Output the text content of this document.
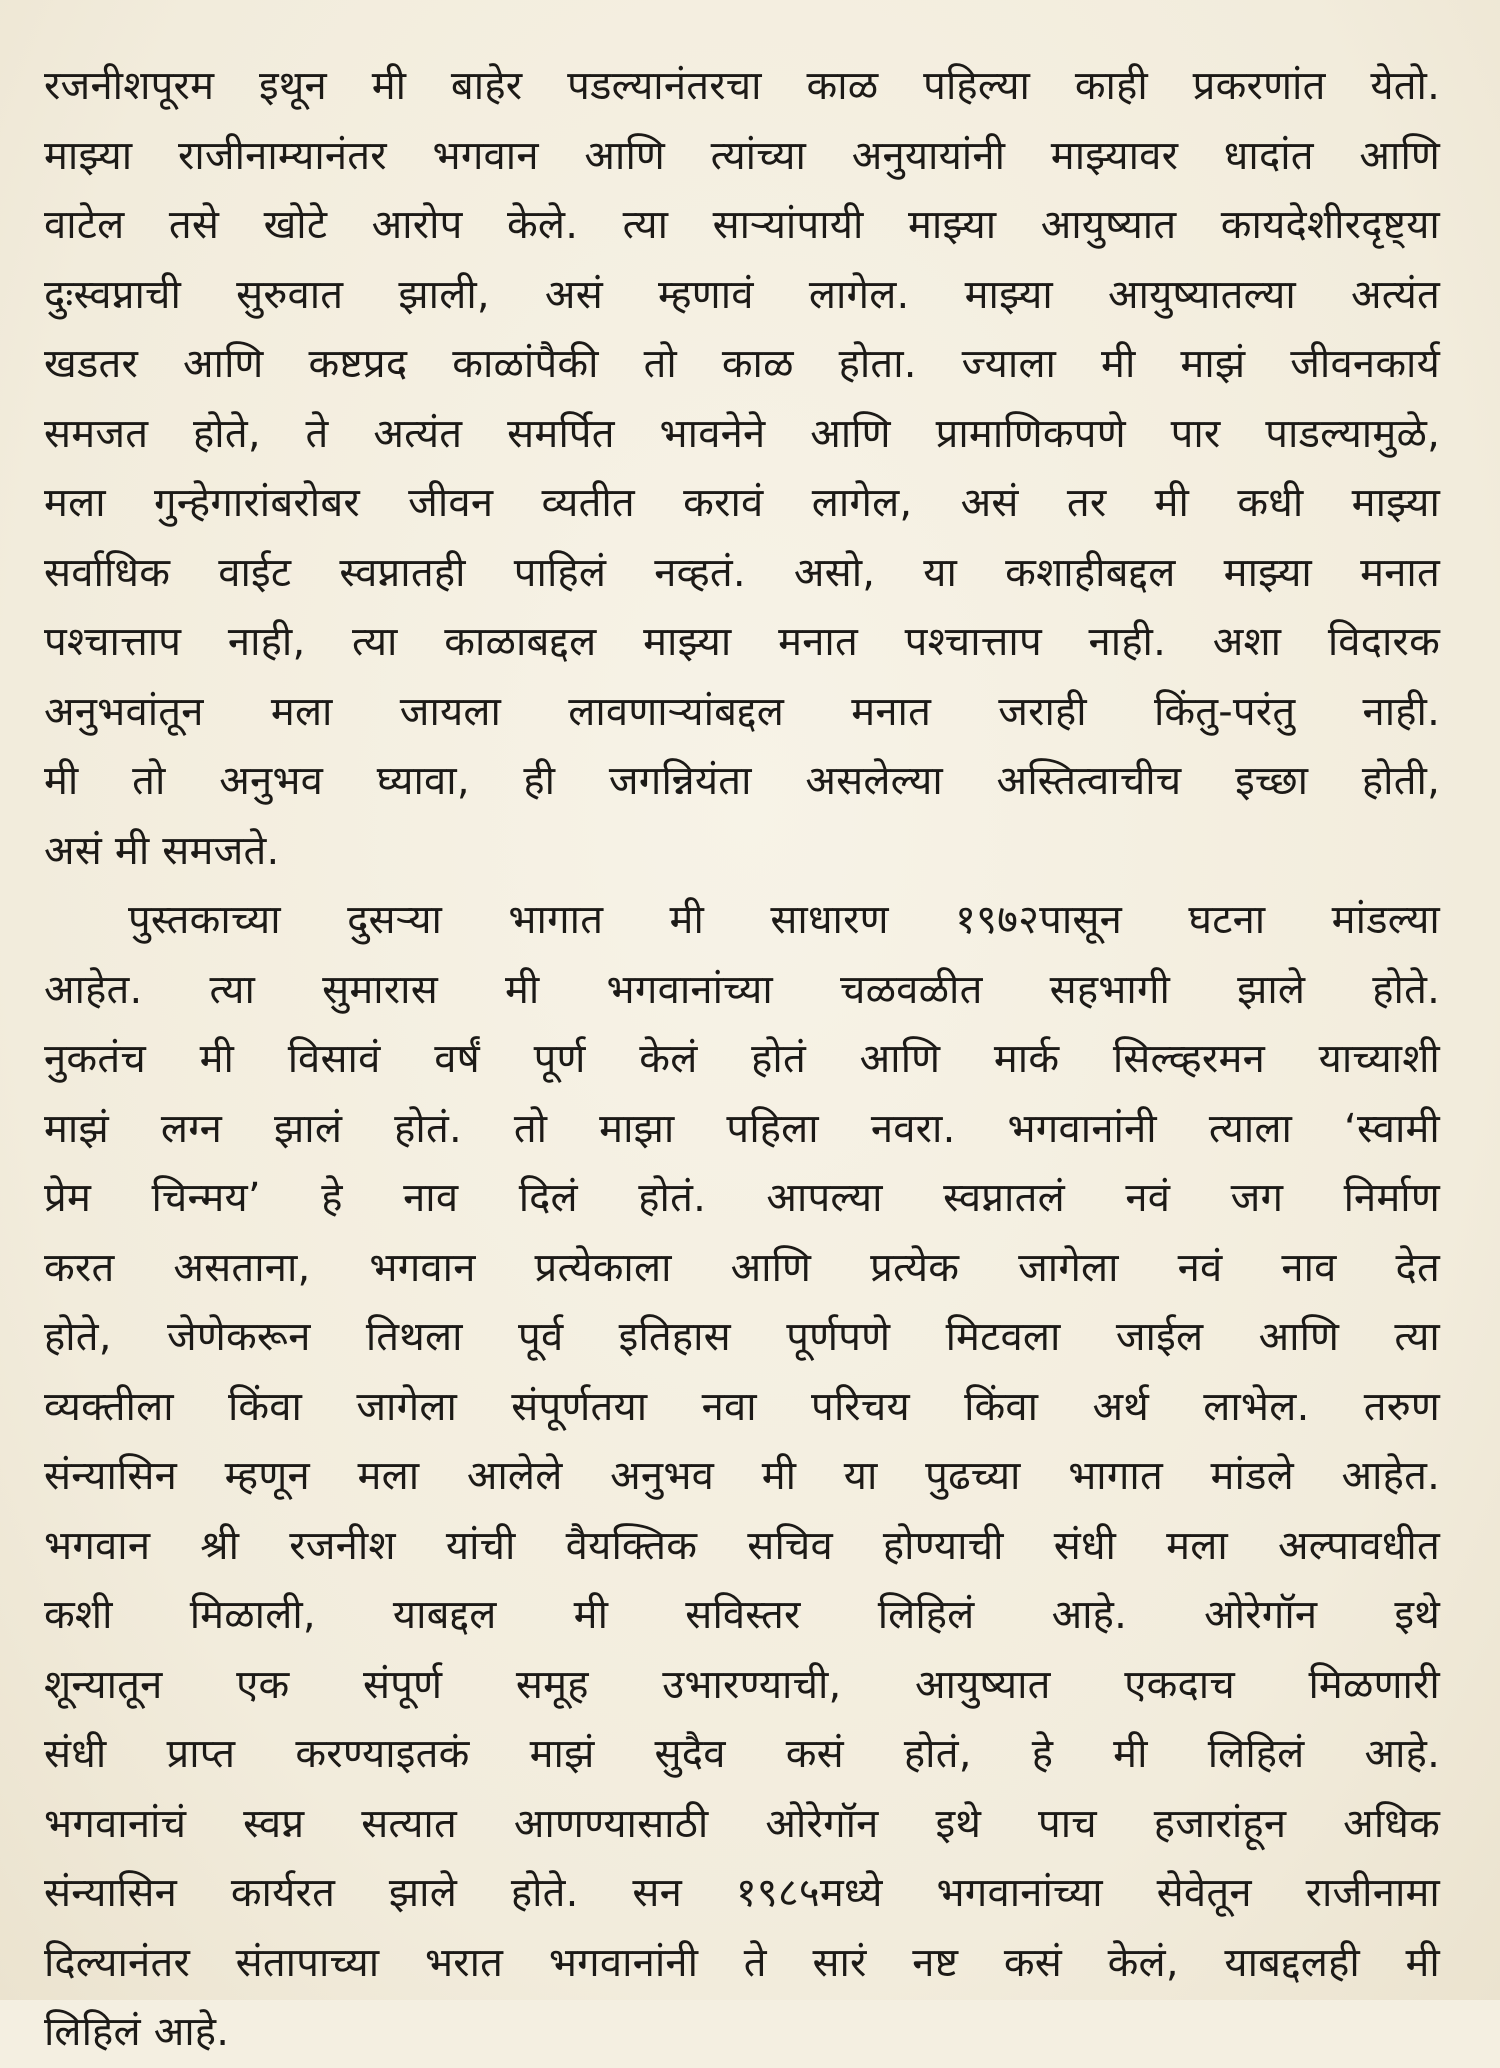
रजनीशपूरम इथून मी बाहेर पडल्यानंतरचा काळ पहिल्या काही प्रकरणांत येतो.
माझ्या राजीनाम्यानंतर भगवान आणि त्यांच्या अनुयायांनी माझ्यावर धादांत आणि
वाटेल तसे खोटे आरोप केले. त्या साऱ्यांपायी माझ्या आयुष्यात कायदेशीरदृष्ट्या
दुःस्वप्नाची सुरुवात झाली, असं म्हणावं लागेल. माझ्या आयुष्यातल्या अत्यंत
खडतर आणि कष्टप्रद काळांपैकी तो काळ होता. ज्याला मी माझं जीवनकार्य
समजत होते, ते अत्यंत समर्पित भावनेने आणि प्रामाणिकपणे पार पाडल्यामुळे,
मला गुन्हेगारांबरोबर जीवन व्यतीत करावं लागेल, असं तर मी कधी माझ्या
सर्वाधिक वाईट स्वप्नातही पाहिलं नव्हतं. असो, या कशाहीबद्दल माझ्या मनात
पश्चात्ताप नाही, त्या काळाबद्दल माझ्या मनात पश्चात्ताप नाही. अशा विदारक
अनुभवांतून मला जायला लावणाऱ्यांबद्दल मनात जराही किंतु-परंतु नाही.
मी तो अनुभव घ्यावा, ही जगन्नियंता असलेल्या अस्तित्वाचीच इच्छा होती,
असं मी समजते.
पुस्तकाच्या दुसऱ्या भागात मी साधारण १९७२पासून घटना मांडल्या
आहेत. त्या सुमारास मी भगवानांच्या चळवळीत सहभागी झाले होते.
नुकतंच मी विसावं वर्षं पूर्ण केलं होतं आणि मार्क सिल्व्हरमन याच्याशी
माझं लग्न झालं होतं. तो माझा पहिला नवरा. भगवानांनी त्याला ‘स्वामी
प्रेम चिन्मय’ हे नाव दिलं होतं. आपल्या स्वप्नातलं नवं जग निर्माण
करत असताना, भगवान प्रत्येकाला आणि प्रत्येक जागेला नवं नाव देत
होते, जेणेकरून तिथला पूर्व इतिहास पूर्णपणे मिटवला जाईल आणि त्या
व्यक्तीला किंवा जागेला संपूर्णतया नवा परिचय किंवा अर्थ लाभेल. तरुण
संन्यासिन म्हणून मला आलेले अनुभव मी या पुढच्या भागात मांडले आहेत.
भगवान श्री रजनीश यांची वैयक्तिक सचिव होण्याची संधी मला अल्पावधीत
कशी मिळाली, याबद्दल मी सविस्तर लिहिलं आहे. ओरेगॉन इथे
शून्यातून एक संपूर्ण समूह उभारण्याची, आयुष्यात एकदाच मिळणारी
संधी प्राप्त करण्याइतकं माझं सुदैव कसं होतं, हे मी लिहिलं आहे.
भगवानांचं स्वप्न सत्यात आणण्यासाठी ओरेगॉन इथे पाच हजारांहून अधिक
संन्यासिन कार्यरत झाले होते. सन १९८५मध्ये भगवानांच्या सेवेतून राजीनामा
दिल्यानंतर संतापाच्या भरात भगवानांनी ते सारं नष्ट कसं केलं, याबद्दलही मी
लिहिलं आहे.
